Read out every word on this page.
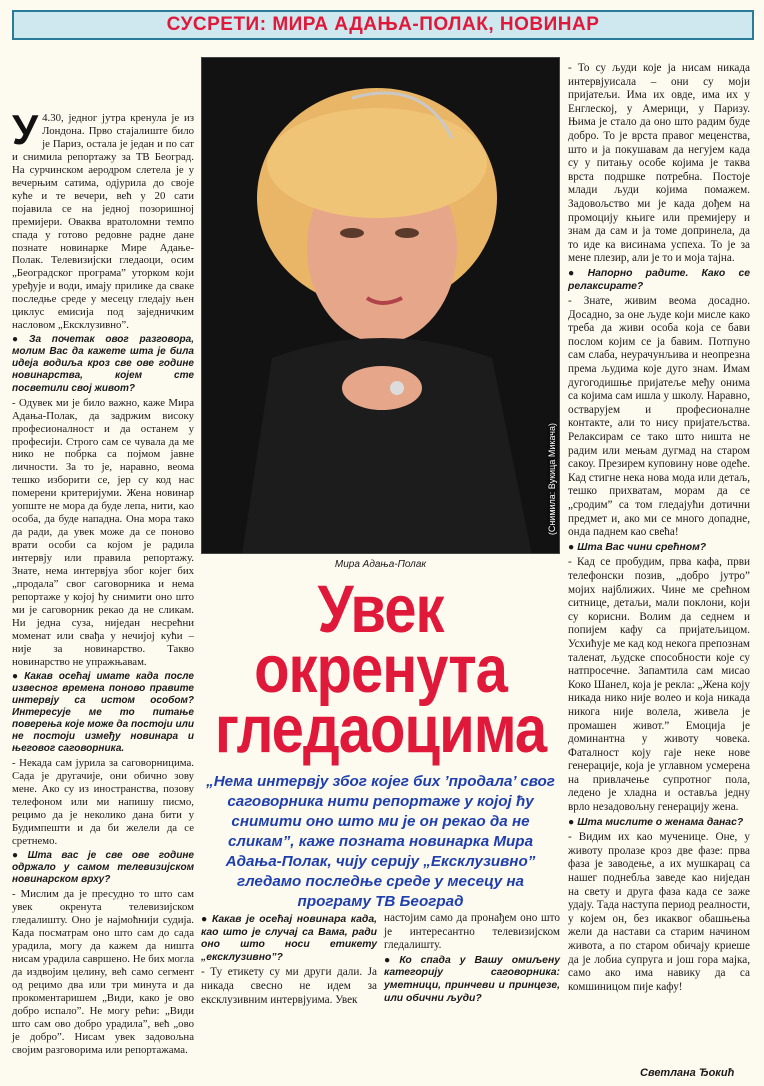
СУСРЕТИ: МИРА АДАЊА-ПОЛАК, НОВИНАР

У 4.30, једног јутра кренула је из Лондона. Прво стајалиште било је Париз, остала је један и по сат и снимила репортажу за ТВ Београд. На сурчинском аеродром слетела је у вечерњим сатима, одјурила до своје куће и те вечери, већ у 20 сати појавила се на једној позоришној премијери. Оваква вратоломни темпо спада у готово редовне радне дане познате новинарке Мире Адање-Полак. Телевизијски гледаоци, осим „Београдског програма” уторком који уређује и води, имају прилике да сваке последње среде у месецу гледају њен циклус емисија под заједничким насловом „Ексклузивно”.

● За почетак овог разговора, молим Вас да кажете шта је била идеја водиља кроз све ове године новинарства, којем сте посветили свој живот?

- Одувек ми је било важно, каже Мира Адања-Полак, да задржим високу професионалност и да останем у професији. Строго сам се чувала да ме нико не побрка са појмом јавне личности. За то је, наравно, веома тешко изборити се, јер су код нас померени критеријуми. Жена новинар уопште не мора да буде лепа, нити, као особа, да буде нападна. Она мора тако да ради, да увек може да се поново врати особи са којом је радила интервју или правила репортажу. Знате, нема интервјуа због којег бих „продала” свог саговорника и нема репортаже у којој ћу снимити оно што ми је саговорник рекао да не сликам. Ни једна суза, ниједан несрећни моменат или свађа у нечијој кући – није за новинарство. Такво новинарство не упражњавам.

● Какав осећај имате када после извесног времена поново правите интервју са истом особом? Интересује ме то питање поверења које може да постоји или не постоји између новинара и његовог саговорника.

- Некада сам јурила за саговорницима. Сада је другачије, они обично зову мене. Ако су из иностранства, позову телефоном или ми напишу писмо, рецимо да је неколико дана бити у Будимпешти и да би желели да се сретнемо.

● Шта вас је све ове године одржало у самом телевизијском новинарском врху?

- Мислим да је пресудно то што сам увек окренута телевизијском гледалишту. Оно је најмоћнији судија. Када посматрам оно што сам до сада урадила, могу да кажем да ништа нисам урадила савршено. Не бих могла да издвојим целину, већ само сегмент од рецимо два или три минута и да прокоментаришем „Види, како је ово добро испало”. Не могу рећи: „Види што сам ово добро урадила”, већ „ово је добро”. Нисам увек задовољна својим разговорима или репортажама.

(Снимила: Вукица Микача)
Мира Адања-Полак
Увек
окренута
гледаоцима
„Нема интервју због којег бих ’продала’ свог саговорника нити репортаже у којој ћу снимити оно што ми је он рекао да не сликам”, каже позната новинарка Мира Адања-Полак, чију серију „Ексклузивно” гледамо последње среде у месецу на програму ТВ Београд

● Какав је осећај новинара када, као што је случај са Вама, ради оно што носи етикету „ексклузивно”?

- Ту етикету су ми други дали. Ја никада свесно не идем за ексклузивним интервјуима. Увек

настојим само да пронађем оно што је интересантно телевизијском гледалишту.

● Ко спада у Вашу омиљену категорију саговорника: уметници, принчеви и принцезе, или обични људи?

- То су људи које ја нисам никада интервјуисала – они су моји пријатељи. Има их овде, има их у Енглеској, у Америци, у Паризу. Њима је стало да оно што радим буде добро. То је врста правог меценства, што и ја покушавам да негујем када су у питању особе којима је таква врста подршке потребна. Постоје млади људи којима помажем. Задовољство ми је када дођем на промоцију књиге или премијеру и знам да сам и ја томе допринела, да то иде ка висинама успеха. То је за мене плезир, али је то и моја тајна.

● Напорно радите. Како се релаксирате?

- Знате, живим веома досадно. Досадно, за оне људе који мисле како треба да живи особа која се бави послом којим се ја бавим. Потпуно сам слаба, неурачунљива и неопрезна према људима које дуго знам. Имам дугогодишње пријатеље међу онима са којима сам ишла у школу. Наравно, остварујем и професионалне контакте, али то нису пријатељства. Релаксирам се тако што ништа не радим или мењам дугмад на старом сакоу. Презирем куповину нове одеће. Кад стигне нека нова мода или детаљ, тешко прихватам, морам да се „сродим” са том гледајући дотични предмет и, ако ми се много допадне, онда паднем као свећа!

● Шта Вас чини срећном?

- Кад се пробудим, прва кафа, први телефонски позив, „добро јутро” мојих најближих. Чине ме срећном ситнице, детаљи, мали поклони, који су корисни. Волим да седнем и попијем кафу са пријатељицом. Усхићује ме кад код некога препознам таленат, људске способности које су натпросечне. Запамтила сам мисао Коко Шанел, која је рекла: „Жена коју никада нико није волео и која никада никога није волела, живела је промашен живот.” Емоција је доминантна у животу човека. Фаталност коју гаје неке нове генерације, која је углавном усмерена на привлачење супротног пола, ледено је хладна и оставља једну врло незадовољну генерацију жена.

● Шта мислите о женама данас?

- Видим их као мученице. Оне, у животу пролазе кроз две фазе: прва фаза је заводење, а их мушкарац са нашег поднебља заведе као ниједан на свету и друга фаза када се заже удају. Тада наступа период реалности, у којем он, без икаквог обашњења жели да настави са старим начином живота, а по старом обичају криеше да је лобиа супруга и још гора мајка, само ако има навику да са комшиницом пије кафу!

Светлана Ђокић
